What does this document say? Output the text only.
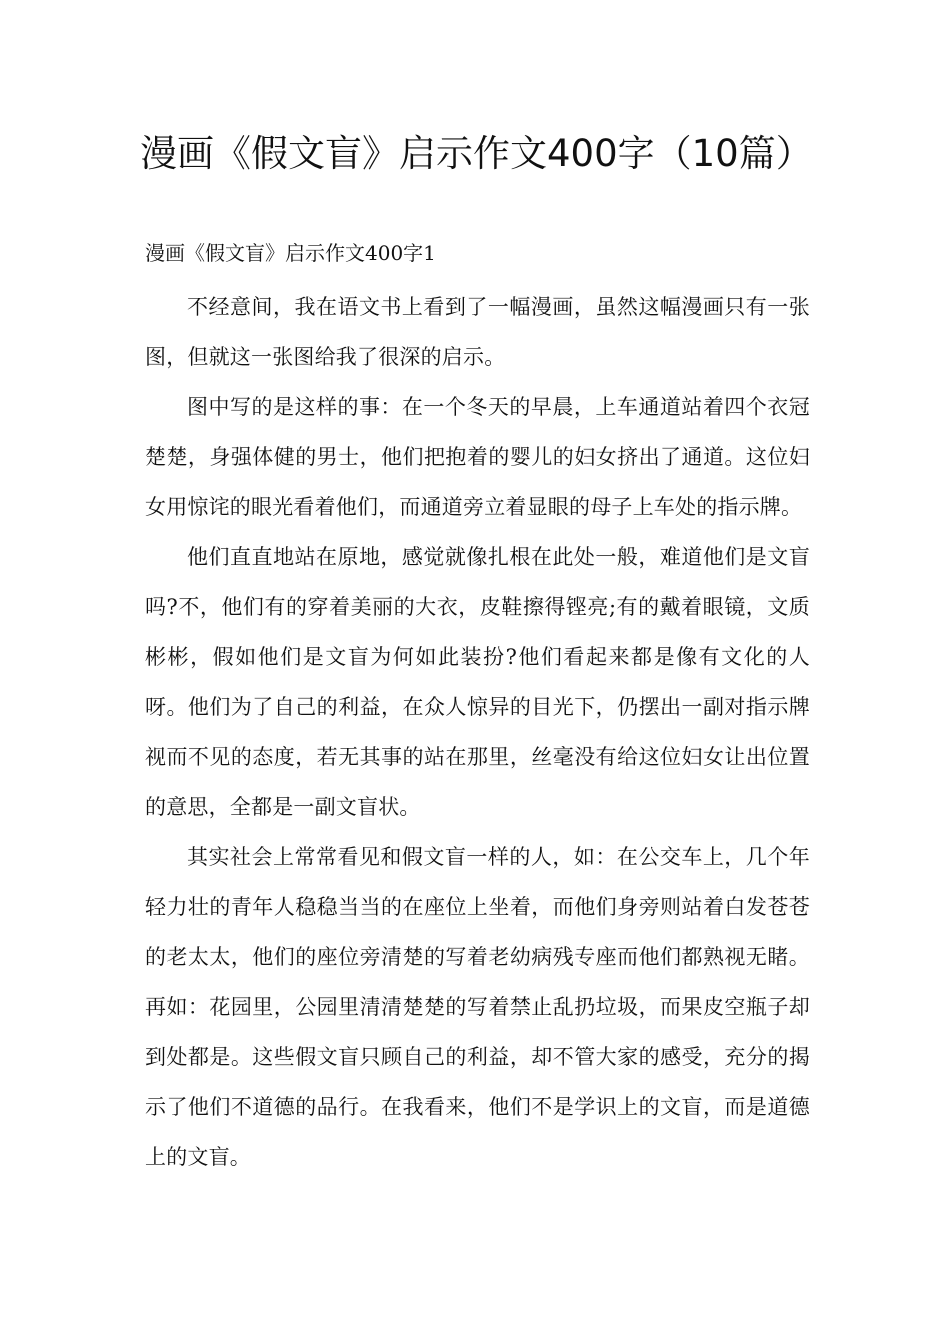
漫画《假文盲》启示作文400字（10篇）
漫画《假文盲》启示作文400字1

不经意间，我在语文书上看到了一幅漫画，虽然这幅漫画只有一张图，但就这一张图给我了很深的启示。

图中写的是这样的事：在一个冬天的早晨，上车通道站着四个衣冠楚楚，身强体健的男士，他们把抱着的婴儿的妇女挤出了通道。这位妇女用惊诧的眼光看着他们，而通道旁立着显眼的母子上车处的指示牌。

他们直直地站在原地，感觉就像扎根在此处一般，难道他们是文盲吗?不，他们有的穿着美丽的大衣，皮鞋擦得铿亮;有的戴着眼镜，文质彬彬，假如他们是文盲为何如此装扮?他们看起来都是像有文化的人呀。他们为了自己的利益，在众人惊异的目光下，仍摆出一副对指示牌视而不见的态度，若无其事的站在那里，丝毫没有给这位妇女让出位置的意思，全都是一副文盲状。

其实社会上常常看见和假文盲一样的人，如：在公交车上，几个年轻力壮的青年人稳稳当当的在座位上坐着，而他们身旁则站着白发苍苍的老太太，他们的座位旁清楚的写着老幼病残专座而他们都熟视无睹。再如：花园里，公园里清清楚楚的写着禁止乱扔垃圾，而果皮空瓶子却到处都是。这些假文盲只顾自己的利益，却不管大家的感受，充分的揭示了他们不道德的品行。在我看来，他们不是学识上的文盲，而是道德上的文盲。
